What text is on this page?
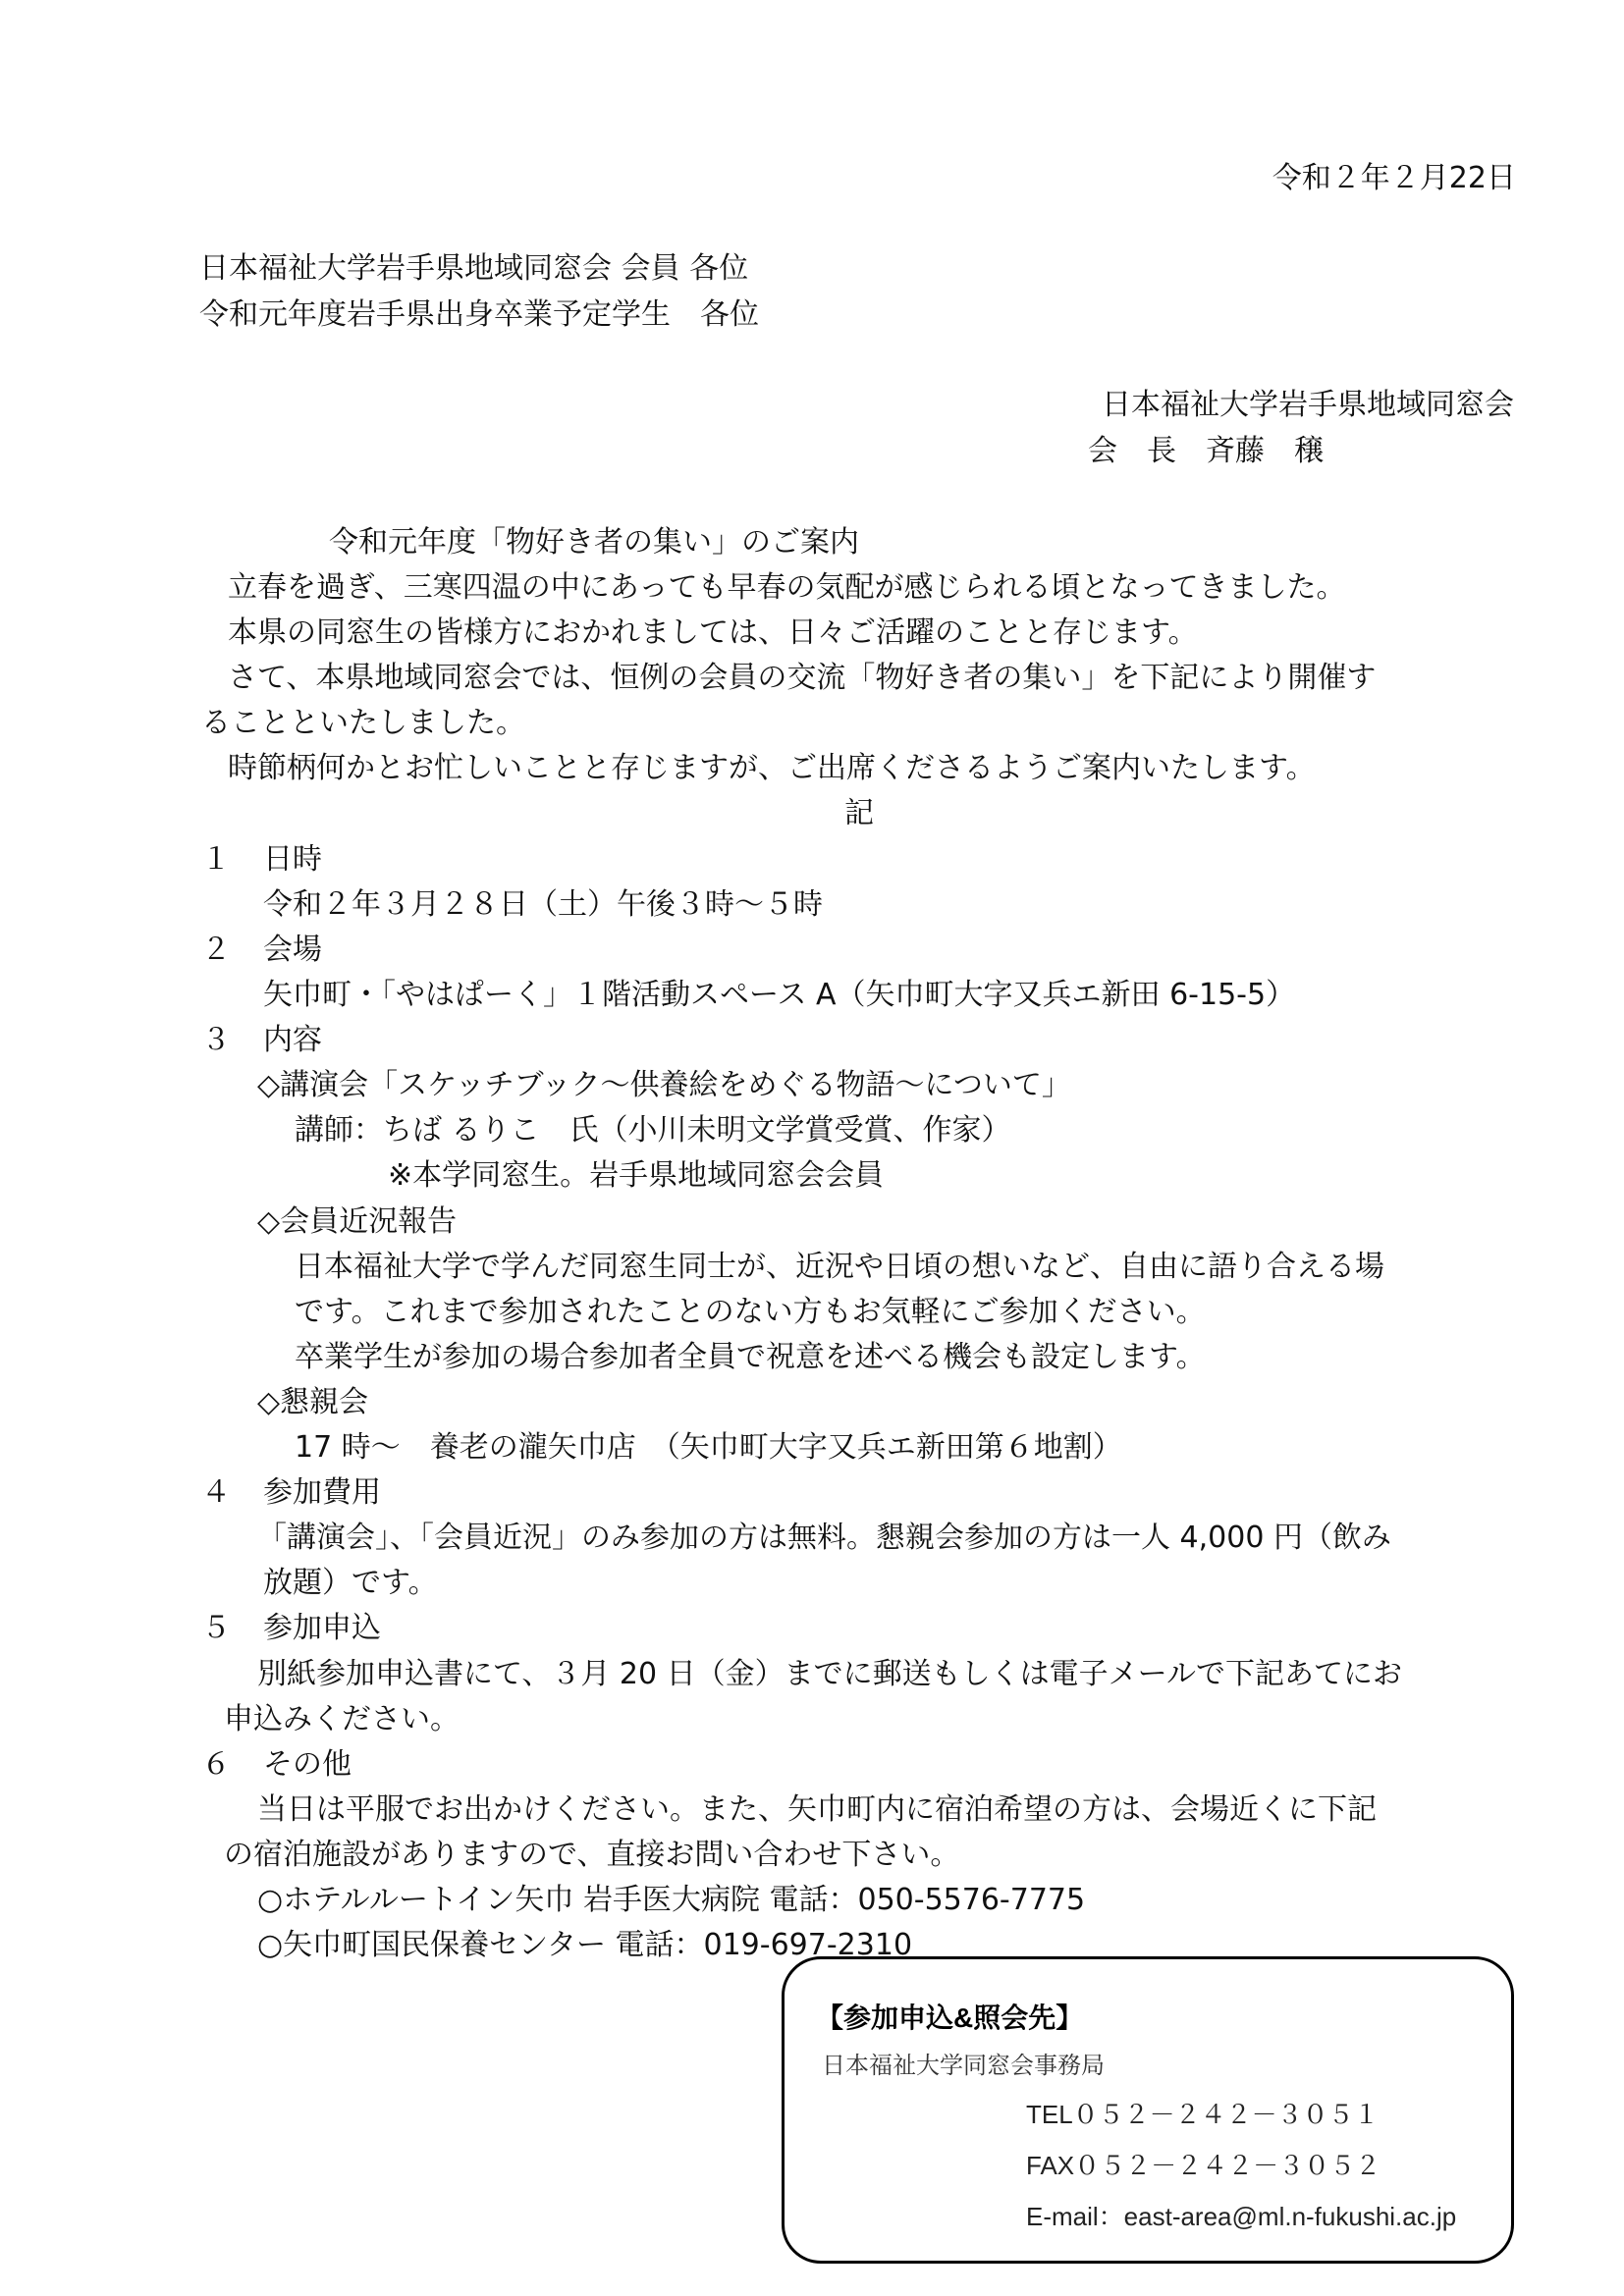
令和２年２月22日
日本福祉大学岩手県地域同窓会 会員 各位
令和元年度岩手県出身卒業予定学生　各位
日本福祉大学岩手県地域同窓会
会　長　斉藤　穣
令和元年度「物好き者の集い」のご案内
立春を過ぎ、三寒四温の中にあっても早春の気配が感じられる頃となってきました。
本県の同窓生の皆様方におかれましては、日々ご活躍のことと存じます。
さて、本県地域同窓会では、恒例の会員の交流「物好き者の集い」を下記により開催す
ることといたしました。
時節柄何かとお忙しいことと存じますが、ご出席くださるようご案内いたします。
記
１ 日時
令和２年３月２８日（土）午後３時～５時
２ 会場
矢巾町・「やはぱーく」１階活動スペース A（矢巾町大字又兵エ新田 6-15-5）
３ 内容
◇講演会「スケッチブック～供養絵をめぐる物語～について」
講師：ちば るりこ　氏（小川未明文学賞受賞、作家）
※本学同窓生。岩手県地域同窓会会員
◇会員近況報告
日本福祉大学で学んだ同窓生同士が、近況や日頃の想いなど、自由に語り合える場
です。これまで参加されたことのない方もお気軽にご参加ください。
卒業学生が参加の場合参加者全員で祝意を述べる機会も設定します。
◇懇親会
17 時～　養老の瀧矢巾店　（矢巾町大字又兵エ新田第６地割）
４ 参加費用
「講演会」、「会員近況」のみ参加の方は無料。懇親会参加の方は一人 4,000 円（飲み
放題）です。
５ 参加申込
別紙参加申込書にて、３月 20 日（金）までに郵送もしくは電子メールで下記あてにお
申込みください。
６ その他
当日は平服でお出かけください。また、矢巾町内に宿泊希望の方は、会場近くに下記
の宿泊施設がありますので、直接お問い合わせ下さい。
○ホテルルートイン矢巾 岩手医大病院 電話：050-5576-7775
○矢巾町国民保養センター 電話：019-697-2310
【参加申込&照会先】
日本福祉大学同窓会事務局
TEL０５２－２４２－３０５１
FAX０５２－２４２－３０５２
E-mail：east-area@ml.n-fukushi.ac.jp
